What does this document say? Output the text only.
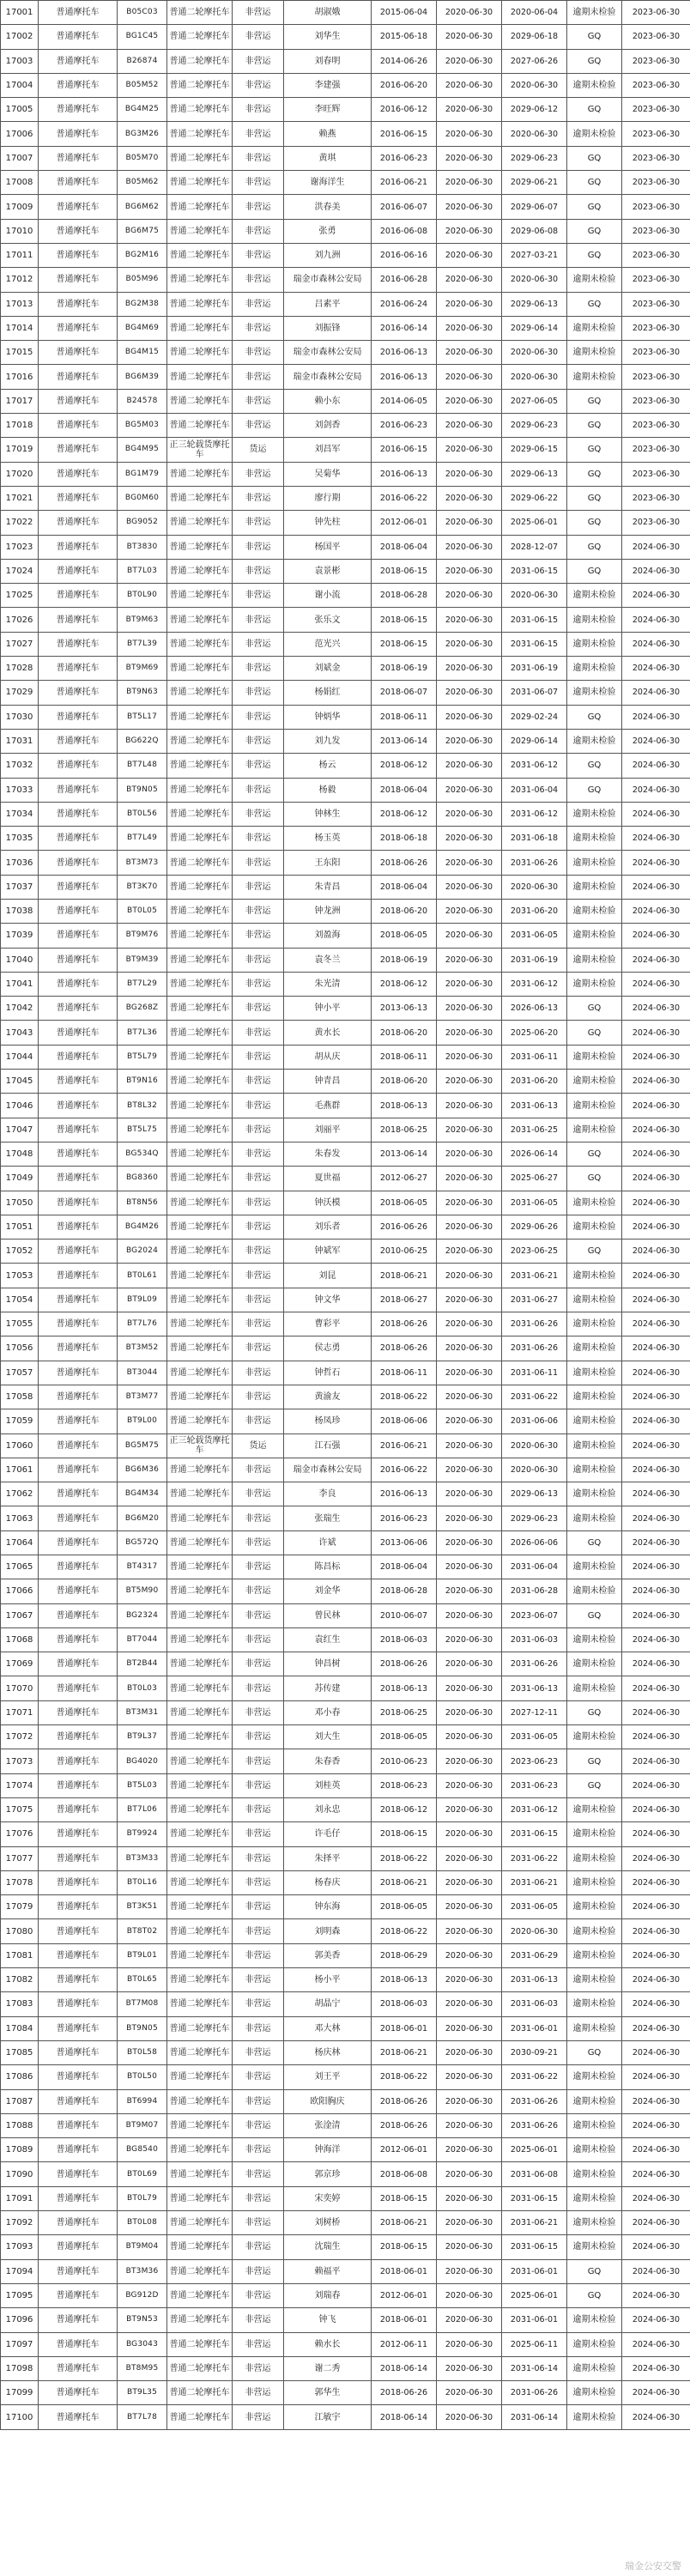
17001	普通摩托车	B05C03	普通二轮摩托车	非营运	胡淑娥	2015-06-04	2020-06-30	2020-06-04	逾期未检验	2023-06-30
17002	普通摩托车	BG1C45	普通二轮摩托车	非营运	刘华生	2015-06-18	2020-06-30	2029-06-18	GQ	2023-06-30
17003	普通摩托车	B26874	普通二轮摩托车	非营运	刘春明	2014-06-26	2020-06-30	2027-06-26	GQ	2023-06-30
17004	普通摩托车	B05M52	普通二轮摩托车	非营运	李建强	2016-06-20	2020-06-30	2020-06-30	逾期未检验	2023-06-30
17005	普通摩托车	BG4M25	普通二轮摩托车	非营运	李旺辉	2016-06-12	2020-06-30	2029-06-12	GQ	2023-06-30
17006	普通摩托车	BG3M26	普通二轮摩托车	非营运	赖燕	2016-06-15	2020-06-30	2020-06-30	逾期未检验	2023-06-30
17007	普通摩托车	B05M70	普通二轮摩托车	非营运	黄琪	2016-06-23	2020-06-30	2029-06-23	GQ	2023-06-30
17008	普通摩托车	B05M62	普通二轮摩托车	非营运	谢海洋生	2016-06-21	2020-06-30	2029-06-21	GQ	2023-06-30
17009	普通摩托车	BG6M62	普通二轮摩托车	非营运	洪春美	2016-06-07	2020-06-30	2029-06-07	GQ	2023-06-30
17010	普通摩托车	BG6M75	普通二轮摩托车	非营运	张勇	2016-06-08	2020-06-30	2029-06-08	GQ	2023-06-30
17011	普通摩托车	BG2M16	普通二轮摩托车	非营运	刘九洲	2016-06-16	2020-06-30	2027-03-21	GQ	2023-06-30
17012	普通摩托车	B05M96	普通二轮摩托车	非营运	瑞金市森林公安局	2016-06-28	2020-06-30	2020-06-30	逾期未检验	2023-06-30
17013	普通摩托车	BG2M38	普通二轮摩托车	非营运	吕素平	2016-06-24	2020-06-30	2029-06-13	GQ	2023-06-30
17014	普通摩托车	BG4M69	普通二轮摩托车	非营运	刘振锋	2016-06-14	2020-06-30	2029-06-14	逾期未检验	2023-06-30
17015	普通摩托车	BG4M15	普通二轮摩托车	非营运	瑞金市森林公安局	2016-06-13	2020-06-30	2020-06-30	逾期未检验	2023-06-30
17016	普通摩托车	BG6M39	普通二轮摩托车	非营运	瑞金市森林公安局	2016-06-13	2020-06-30	2020-06-30	逾期未检验	2023-06-30
17017	普通摩托车	B24578	普通二轮摩托车	非营运	赖小东	2014-06-05	2020-06-30	2027-06-05	GQ	2023-06-30
17018	普通摩托车	BG5M03	普通二轮摩托车	非营运	刘剑香	2016-06-23	2020-06-30	2029-06-23	GQ	2023-06-30
17019	普通摩托车	BG4M95	正三轮载货摩托车	货运	刘昌军	2016-06-15	2020-06-30	2029-06-15	GQ	2023-06-30
17020	普通摩托车	BG1M79	普通二轮摩托车	非营运	吴菊华	2016-06-13	2020-06-30	2029-06-13	GQ	2023-06-30
17021	普通摩托车	BG0M60	普通二轮摩托车	非营运	廖行期	2016-06-22	2020-06-30	2029-06-22	GQ	2023-06-30
17022	普通摩托车	BG9052	普通二轮摩托车	非营运	钟先柱	2012-06-01	2020-06-30	2025-06-01	GQ	2023-06-30
17023	普通摩托车	BT3830	普通二轮摩托车	非营运	杨国平	2018-06-04	2020-06-30	2028-12-07	GQ	2024-06-30
17024	普通摩托车	BT7L03	普通二轮摩托车	非营运	袁景彬	2018-06-15	2020-06-30	2031-06-15	GQ	2024-06-30
17025	普通摩托车	BT0L90	普通二轮摩托车	非营运	谢小流	2018-06-28	2020-06-30	2020-06-30	逾期未检验	2024-06-30
17026	普通摩托车	BT9M63	普通二轮摩托车	非营运	张乐文	2018-06-15	2020-06-30	2031-06-15	逾期未检验	2024-06-30
17027	普通摩托车	BT7L39	普通二轮摩托车	非营运	范光兴	2018-06-15	2020-06-30	2031-06-15	逾期未检验	2024-06-30
17028	普通摩托车	BT9M69	普通二轮摩托车	非营运	刘斌金	2018-06-19	2020-06-30	2031-06-19	逾期未检验	2024-06-30
17029	普通摩托车	BT9N63	普通二轮摩托车	非营运	杨娟红	2018-06-07	2020-06-30	2031-06-07	逾期未检验	2024-06-30
17030	普通摩托车	BT5L17	普通二轮摩托车	非营运	钟炳华	2018-06-11	2020-06-30	2029-02-24	GQ	2024-06-30
17031	普通摩托车	BG622Q	普通二轮摩托车	非营运	刘九发	2013-06-14	2020-06-30	2029-06-14	逾期未检验	2024-06-30
17032	普通摩托车	BT7L48	普通二轮摩托车	非营运	杨云	2018-06-12	2020-06-30	2031-06-12	GQ	2024-06-30
17033	普通摩托车	BT9N05	普通二轮摩托车	非营运	杨毅	2018-06-04	2020-06-30	2031-06-04	GQ	2024-06-30
17034	普通摩托车	BT0L56	普通二轮摩托车	非营运	钟林生	2018-06-12	2020-06-30	2031-06-12	逾期未检验	2024-06-30
17035	普通摩托车	BT7L49	普通二轮摩托车	非营运	杨玉英	2018-06-18	2020-06-30	2031-06-18	逾期未检验	2024-06-30
17036	普通摩托车	BT3M73	普通二轮摩托车	非营运	王东阳	2018-06-26	2020-06-30	2031-06-26	逾期未检验	2024-06-30
17037	普通摩托车	BT3K70	普通二轮摩托车	非营运	朱青昌	2018-06-04	2020-06-30	2020-06-30	逾期未检验	2024-06-30
17038	普通摩托车	BT0L05	普通二轮摩托车	非营运	钟龙洲	2018-06-20	2020-06-30	2031-06-20	逾期未检验	2024-06-30
17039	普通摩托车	BT9M76	普通二轮摩托车	非营运	刘盈海	2018-06-05	2020-06-30	2031-06-05	逾期未检验	2024-06-30
17040	普通摩托车	BT9M39	普通二轮摩托车	非营运	袁冬兰	2018-06-19	2020-06-30	2031-06-19	逾期未检验	2024-06-30
17041	普通摩托车	BT7L29	普通二轮摩托车	非营运	朱光清	2018-06-12	2020-06-30	2031-06-12	逾期未检验	2024-06-30
17042	普通摩托车	BG268Z	普通二轮摩托车	非营运	钟小平	2013-06-13	2020-06-30	2026-06-13	GQ	2024-06-30
17043	普通摩托车	BT7L36	普通二轮摩托车	非营运	黄水长	2018-06-20	2020-06-30	2025-06-20	GQ	2024-06-30
17044	普通摩托车	BT5L79	普通二轮摩托车	非营运	胡从庆	2018-06-11	2020-06-30	2031-06-11	逾期未检验	2024-06-30
17045	普通摩托车	BT9N16	普通二轮摩托车	非营运	钟青昌	2018-06-20	2020-06-30	2031-06-20	逾期未检验	2024-06-30
17046	普通摩托车	BT8L32	普通二轮摩托车	非营运	毛燕群	2018-06-13	2020-06-30	2031-06-13	逾期未检验	2024-06-30
17047	普通摩托车	BT5L75	普通二轮摩托车	非营运	刘丽平	2018-06-25	2020-06-30	2031-06-25	逾期未检验	2024-06-30
17048	普通摩托车	BG534Q	普通二轮摩托车	非营运	朱春发	2013-06-14	2020-06-30	2026-06-14	GQ	2024-06-30
17049	普通摩托车	BG8360	普通二轮摩托车	非营运	夏世福	2012-06-27	2020-06-30	2025-06-27	GQ	2024-06-30
17050	普通摩托车	BT8N56	普通二轮摩托车	非营运	钟沃模	2018-06-05	2020-06-30	2031-06-05	逾期未检验	2024-06-30
17051	普通摩托车	BG4M26	普通二轮摩托车	非营运	刘乐者	2016-06-26	2020-06-30	2029-06-26	逾期未检验	2024-06-30
17052	普通摩托车	BG2024	普通二轮摩托车	非营运	钟斌军	2010-06-25	2020-06-30	2023-06-25	GQ	2024-06-30
17053	普通摩托车	BT0L61	普通二轮摩托车	非营运	刘昆	2018-06-21	2020-06-30	2031-06-21	逾期未检验	2024-06-30
17054	普通摩托车	BT9L09	普通二轮摩托车	非营运	钟文华	2018-06-27	2020-06-30	2031-06-27	逾期未检验	2024-06-30
17055	普通摩托车	BT7L76	普通二轮摩托车	非营运	曹彩平	2018-06-26	2020-06-30	2031-06-26	逾期未检验	2024-06-30
17056	普通摩托车	BT3M52	普通二轮摩托车	非营运	侯志勇	2018-06-26	2020-06-30	2031-06-26	逾期未检验	2024-06-30
17057	普通摩托车	BT3044	普通二轮摩托车	非营运	钟哲石	2018-06-11	2020-06-30	2031-06-11	逾期未检验	2024-06-30
17058	普通摩托车	BT3M77	普通二轮摩托车	非营运	黄渝友	2018-06-22	2020-06-30	2031-06-22	逾期未检验	2024-06-30
17059	普通摩托车	BT9L00	普通二轮摩托车	非营运	杨凤珍	2018-06-06	2020-06-30	2031-06-06	逾期未检验	2024-06-30
17060	普通摩托车	BG5M75	正三轮载货摩托车	货运	江石强	2016-06-21	2020-06-30	2020-06-30	逾期未检验	2024-06-30
17061	普通摩托车	BG6M36	普通二轮摩托车	非营运	瑞金市森林公安局	2016-06-22	2020-06-30	2020-06-30	逾期未检验	2024-06-30
17062	普通摩托车	BG4M34	普通二轮摩托车	非营运	李良	2016-06-13	2020-06-30	2029-06-13	逾期未检验	2024-06-30
17063	普通摩托车	BG6M20	普通二轮摩托车	非营运	张瑞生	2016-06-23	2020-06-30	2029-06-23	逾期未检验	2024-06-30
17064	普通摩托车	BG572Q	普通二轮摩托车	非营运	许斌	2013-06-06	2020-06-30	2026-06-06	GQ	2024-06-30
17065	普通摩托车	BT4317	普通二轮摩托车	非营运	陈昌标	2018-06-04	2020-06-30	2031-06-04	逾期未检验	2024-06-30
17066	普通摩托车	BT5M90	普通二轮摩托车	非营运	刘金华	2018-06-28	2020-06-30	2031-06-28	逾期未检验	2024-06-30
17067	普通摩托车	BG2324	普通二轮摩托车	非营运	曾民林	2010-06-07	2020-06-30	2023-06-07	GQ	2024-06-30
17068	普通摩托车	BT7044	普通二轮摩托车	非营运	袁红生	2018-06-03	2020-06-30	2031-06-03	逾期未检验	2024-06-30
17069	普通摩托车	BT2B44	普通二轮摩托车	非营运	钟昌树	2018-06-26	2020-06-30	2031-06-26	逾期未检验	2024-06-30
17070	普通摩托车	BT0L03	普通二轮摩托车	非营运	苏传建	2018-06-13	2020-06-30	2031-06-13	逾期未检验	2024-06-30
17071	普通摩托车	BT3M31	普通二轮摩托车	非营运	邓小春	2018-06-25	2020-06-30	2027-12-11	GQ	2024-06-30
17072	普通摩托车	BT9L37	普通二轮摩托车	非营运	刘大生	2018-06-05	2020-06-30	2031-06-05	逾期未检验	2024-06-30
17073	普通摩托车	BG4020	普通二轮摩托车	非营运	朱春香	2010-06-23	2020-06-30	2023-06-23	GQ	2024-06-30
17074	普通摩托车	BT5L03	普通二轮摩托车	非营运	刘桂英	2018-06-23	2020-06-30	2031-06-23	GQ	2024-06-30
17075	普通摩托车	BT7L06	普通二轮摩托车	非营运	刘永忠	2018-06-12	2020-06-30	2031-06-12	逾期未检验	2024-06-30
17076	普通摩托车	BT9924	普通二轮摩托车	非营运	许毛仔	2018-06-15	2020-06-30	2031-06-15	逾期未检验	2024-06-30
17077	普通摩托车	BT3M33	普通二轮摩托车	非营运	朱择平	2018-06-22	2020-06-30	2031-06-22	逾期未检验	2024-06-30
17078	普通摩托车	BT0L16	普通二轮摩托车	非营运	杨春庆	2018-06-21	2020-06-30	2031-06-21	逾期未检验	2024-06-30
17079	普通摩托车	BT3K51	普通二轮摩托车	非营运	钟东海	2018-06-05	2020-06-30	2031-06-05	逾期未检验	2024-06-30
17080	普通摩托车	BT8T02	普通二轮摩托车	非营运	刘明森	2018-06-22	2020-06-30	2020-06-30	逾期未检验	2024-06-30
17081	普通摩托车	BT9L01	普通二轮摩托车	非营运	郭美香	2018-06-29	2020-06-30	2031-06-29	逾期未检验	2024-06-30
17082	普通摩托车	BT0L65	普通二轮摩托车	非营运	杨小平	2018-06-13	2020-06-30	2031-06-13	逾期未检验	2024-06-30
17083	普通摩托车	BT7M08	普通二轮摩托车	非营运	胡晶宁	2018-06-03	2020-06-30	2031-06-03	逾期未检验	2024-06-30
17084	普通摩托车	BT9N05	普通二轮摩托车	非营运	邓大林	2018-06-01	2020-06-30	2031-06-01	逾期未检验	2024-06-30
17085	普通摩托车	BT0L58	普通二轮摩托车	非营运	杨庆林	2018-06-21	2020-06-30	2030-09-21	GQ	2024-06-30
17086	普通摩托车	BT0L50	普通二轮摩托车	非营运	刘王平	2018-06-22	2020-06-30	2031-06-22	逾期未检验	2024-06-30
17087	普通摩托车	BT6994	普通二轮摩托车	非营运	欧阳胸庆	2018-06-26	2020-06-30	2031-06-26	逾期未检验	2024-06-30
17088	普通摩托车	BT9M07	普通二轮摩托车	非营运	张淦清	2018-06-26	2020-06-30	2031-06-26	逾期未检验	2024-06-30
17089	普通摩托车	BG8540	普通二轮摩托车	非营运	钟海洋	2012-06-01	2020-06-30	2025-06-01	逾期未检验	2024-06-30
17090	普通摩托车	BT0L69	普通二轮摩托车	非营运	郭京珍	2018-06-08	2020-06-30	2031-06-08	逾期未检验	2024-06-30
17091	普通摩托车	BT0L79	普通二轮摩托车	非营运	宋奕婷	2018-06-15	2020-06-30	2031-06-15	逾期未检验	2024-06-30
17092	普通摩托车	BT0L08	普通二轮摩托车	非营运	刘树桥	2018-06-21	2020-06-30	2031-06-21	逾期未检验	2024-06-30
17093	普通摩托车	BT9M04	普通二轮摩托车	非营运	沈瑞生	2018-06-15	2020-06-30	2031-06-15	逾期未检验	2024-06-30
17094	普通摩托车	BT3M36	普通二轮摩托车	非营运	赖福平	2018-06-01	2020-06-30	2031-06-01	GQ	2024-06-30
17095	普通摩托车	BG912D	普通二轮摩托车	非营运	刘瑞春	2012-06-01	2020-06-30	2025-06-01	GQ	2024-06-30
17096	普通摩托车	BT9N53	普通二轮摩托车	非营运	钟飞	2018-06-01	2020-06-30	2031-06-01	逾期未检验	2024-06-30
17097	普通摩托车	BG3043	普通二轮摩托车	非营运	赖水长	2012-06-11	2020-06-30	2025-06-11	逾期未检验	2024-06-30
17098	普通摩托车	BT8M95	普通二轮摩托车	非营运	谢二秀	2018-06-14	2020-06-30	2031-06-14	逾期未检验	2024-06-30
17099	普通摩托车	BT9L35	普通二轮摩托车	非营运	郭华生	2018-06-26	2020-06-30	2031-06-26	逾期未检验	2024-06-30
17100	普通摩托车	BT7L78	普通二轮摩托车	非营运	江敏宇	2018-06-14	2020-06-30	2031-06-14	逾期未检验	2024-06-30
瑞金公安交警
